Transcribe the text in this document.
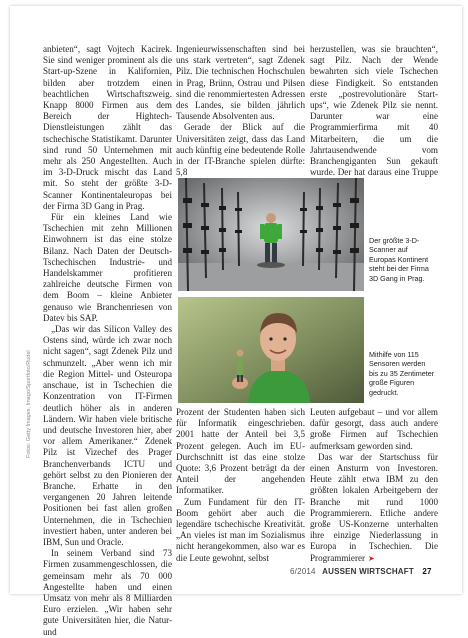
anbieten“, sagt Vojtech Kacirek. Sie sind weniger prominent als die Start-up-Szene in Kalifornien, bilden aber trotzdem einen beachtlichen Wirtschaftszweig. Knapp 8000 Firmen aus dem Bereich der Hightech-Dienstleistungen zählt das tschechische Statistikamt. Darunter sind rund 50 Unternehmen mit mehr als 250 Angestellten. Auch im 3-D-Druck mischt das Land mit. So steht der größte 3-D-Scanner Kontinentaleuropas bei der Firma 3D Gang in Prag.

Für ein kleines Land wie Tschechien mit zehn Millionen Einwohnern ist das eine stolze Bilanz. Nach Daten der Deutsch-Tschechischen Industrie- und Handelskammer profitieren zahlreiche deutsche Firmen von dem Boom – kleine Anbieter genauso wie Branchenriesen von Datev bis SAP.

„Das wir das Silicon Valley des Ostens sind, würde ich zwar noch nicht sagen“, sagt Zdenek Pilz und schmunzelt. „Aber wenn ich mir die Region Mittel- und Osteuropa anschaue, ist in Tschechien die Konzentration von IT-Firmen deutlich höher als in anderen Ländern. Wir haben viele britische und deutsche Investoren hier, aber vor allem Amerikaner.“ Zdenek Pilz ist Vizechef des Prager Branchenverbands ICTU und gehört selbst zu den Pionieren der Branche. Erhatte in den vergangenen 20 Jahren leitende Positionen bei fast allen großen Unternehmen, die in Tschechien investiert haben, unter anderen bei IBM, Sun und Oracle.

In seinem Verband sind 73 Firmen zusammengeschlossen, die gemeinsam mehr als 70 000 Angestellte haben und einen Umsatz von mehr als 8 Milliarden Euro erzielen. „Wir haben sehr gute Universitäten hier, die Natur- und

Ingenieurwissenschaften sind bei uns stark vertreten“, sagt Zdenek Pilz. Die technischen Hochschulen in Prag, Brünn, Ostrau und Pilsen sind die renommiertesten Adressen des Landes, sie bilden jährlich Tausende Absolventen aus.

Gerade der Blick auf die Universitäten zeigt, dass das Land auch künftig eine bedeutende Rolle in der IT-Branche spielen dürfte: 5,8

herzustellen, was sie brauchten“, sagt Pilz. Nach der Wende bewahrten sich viele Tschechen diese Findigkeit. So entstanden erste „postrevolutionäre Start-ups“, wie Zdenek Pilz sie nennt. Darunter war eine Programmierfirma mit 40 Mitarbeitern, die um die Jahrtausendwende vom Branchengiganten Sun gekauft wurde. Der hat daraus eine Truppe

Der größte 3-D-Scanner auf Europas Kontinent steht bei der Firma 3D Gang in Prag.
Mithilfe von 115 Sensoren werden bis zu 35 Zentimeter große Figuren gedruckt.

Prozent der Studenten haben sich für Informatik eingeschrieben. 2001 hatte der Anteil bei 3,5 Prozent gelegen. Auch im EU-Durchschnitt ist das eine stolze Quote: 3,6 Prozent beträgt da der Anteil der angehenden Informatiker.

Zum Fundament für den IT-Boom gehört aber auch die legendäre tschechische Kreativität. „An vieles ist man im Sozialismus nicht herangekommen, also war es die Leute gewohnt, selbst

Leuten aufgebaut – und vor allem dafür gesorgt, dass auch andere große Firmen auf Tschechien aufmerksam geworden sind.

Das war der Startschuss für einen Ansturm von Investoren. Heute zählt etwa IBM zu den größten lokalen Arbeitgebern der Branche mit rund 1000 Programmierern. Etliche andere große US-Konzerne unterhalten ihre einzige Niederlassung in Europa in Tschechien. Die Programmierer ➤

Fotos: Getty Images, Imago/Sportfoto/Rudel
6/2014 AUSSEN WIRTSCHAFT 27
